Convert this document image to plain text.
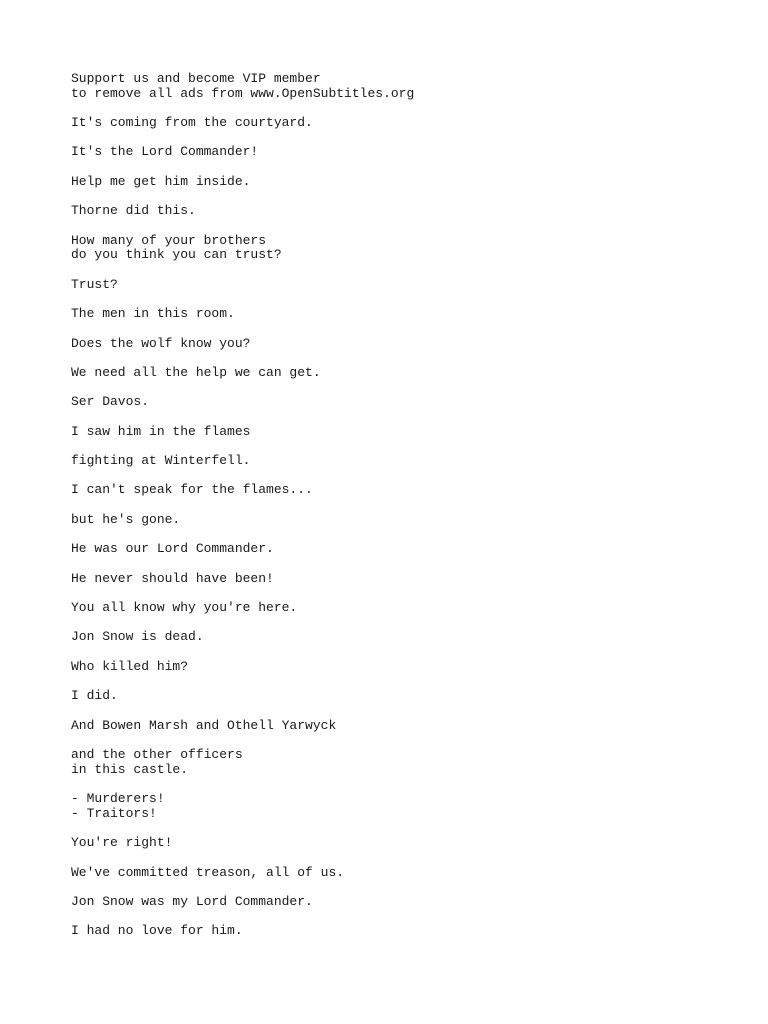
Support us and become VIP member
to remove all ads from www.OpenSubtitles.org
It's coming from the courtyard.
It's the Lord Commander!
Help me get him inside.
Thorne did this.
How many of your brothers
do you think you can trust?
Trust?
The men in this room.
Does the wolf know you?
We need all the help we can get.
Ser Davos.
I saw him in the flames
fighting at Winterfell.
I can't speak for the flames...
but he's gone.
He was our Lord Commander.
He never should have been!
You all know why you're here.
Jon Snow is dead.
Who killed him?
I did.
And Bowen Marsh and Othell Yarwyck
and the other officers
in this castle.
- Murderers!
- Traitors!
You're right!
We've committed treason, all of us.
Jon Snow was my Lord Commander.
I had no love for him.
